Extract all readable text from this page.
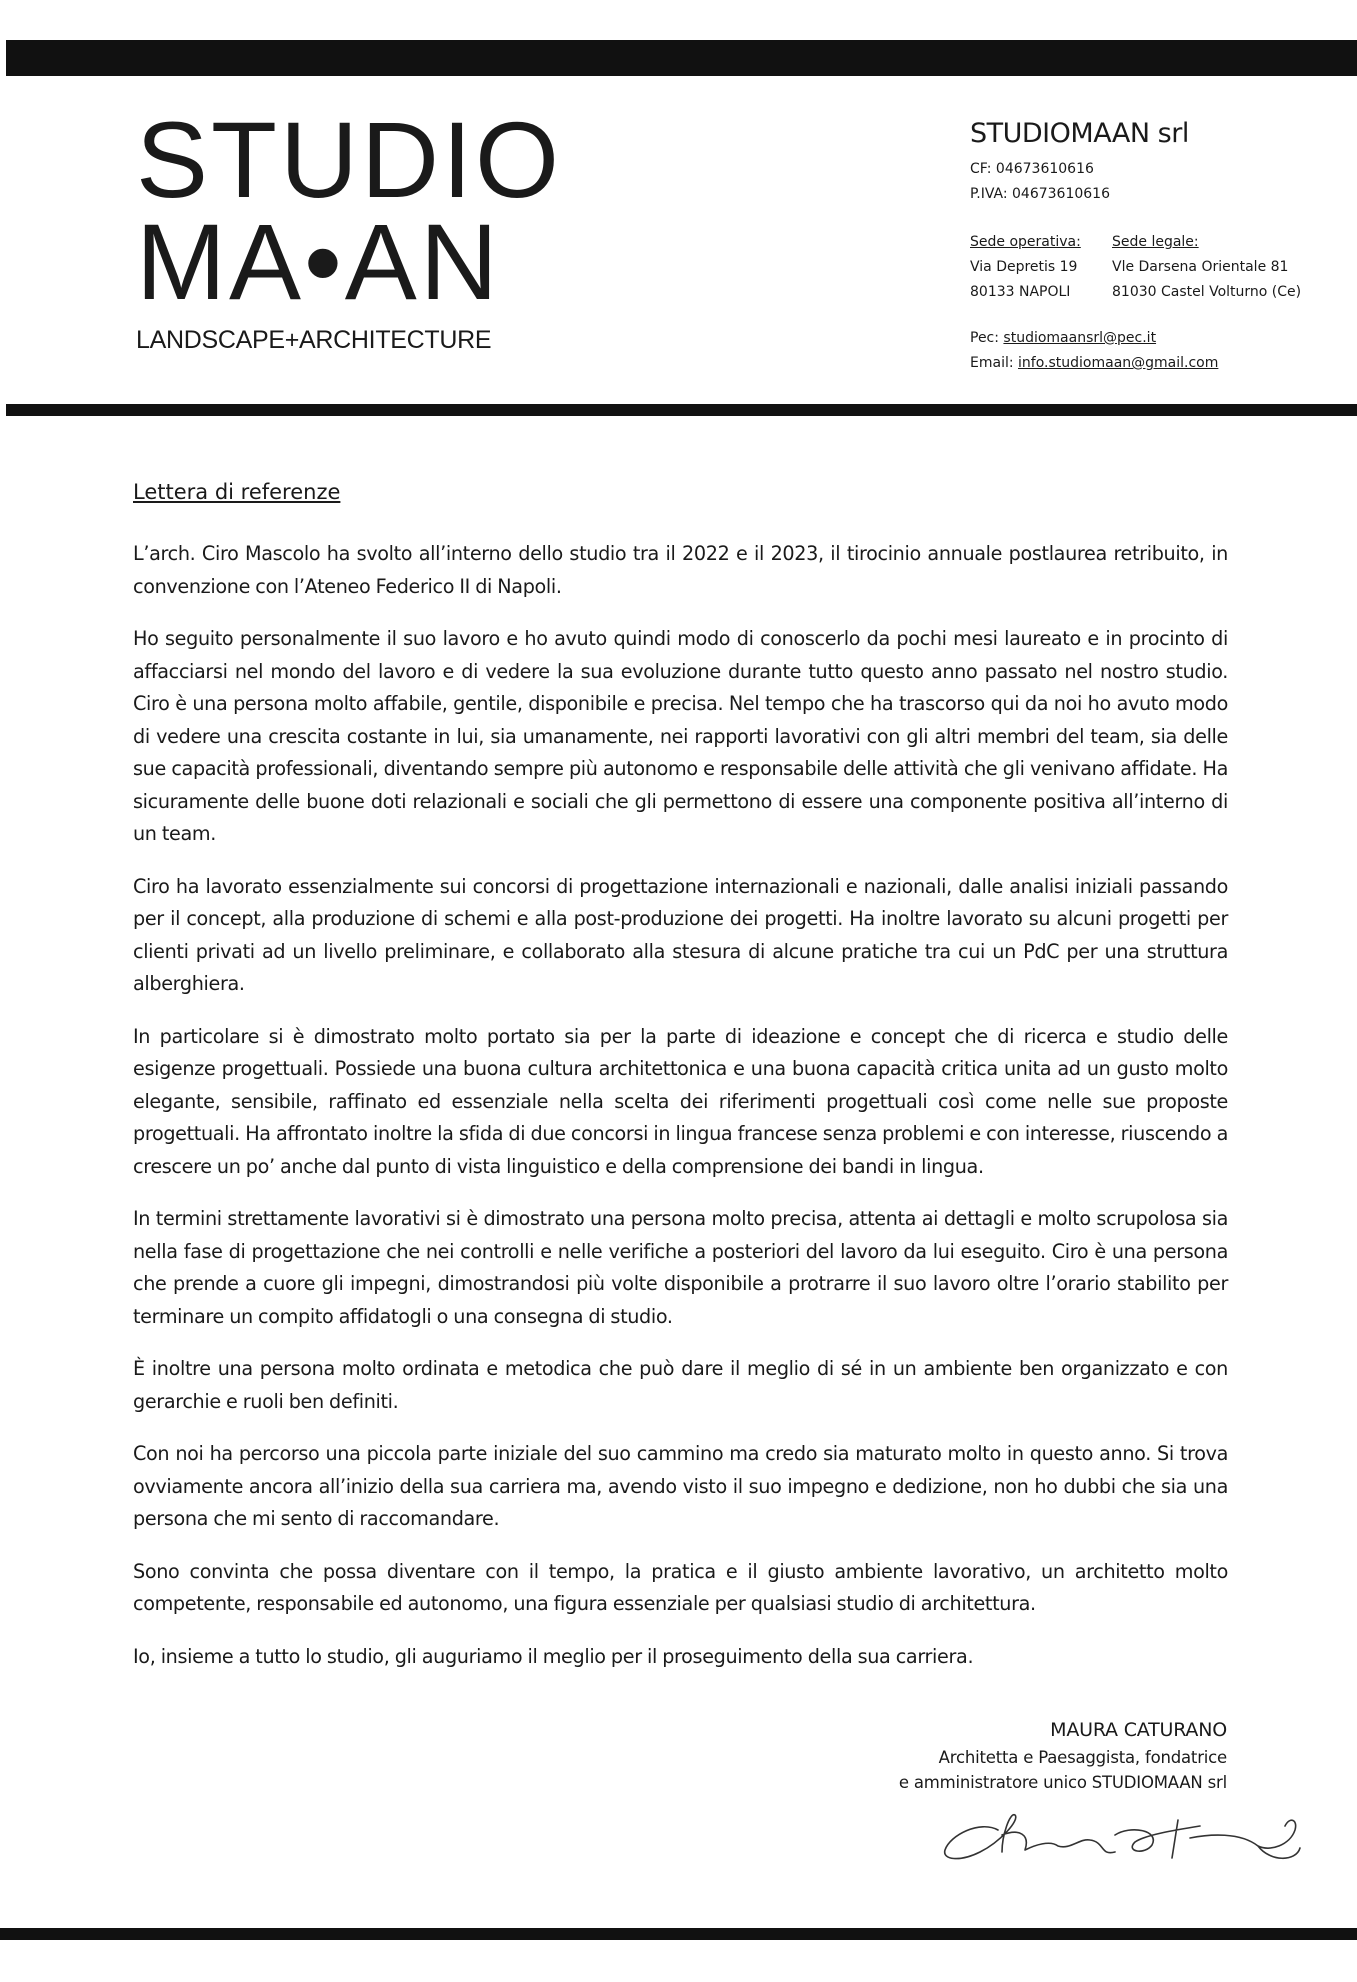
STUDIO
MA•AN
LANDSCAPE+ARCHITECTURE
STUDIOMAAN srl
CF: 04673610616
P.IVA: 04673610616
Sede operativa:
Via Depretis 19
80133 NAPOLI
Sede legale:
Vle Darsena Orientale 81
81030 Castel Volturno (Ce)
Pec: studiomaansrl@pec.it
Email: info.studiomaan@gmail.com
Lettera di referenze

L’arch. Ciro Mascolo ha svolto all’interno dello studio tra il 2022 e il 2023, il tirocinio annuale postlaurea retribuito, in convenzione con l’Ateneo Federico II di Napoli.

Ho seguito personalmente il suo lavoro e ho avuto quindi modo di conoscerlo da pochi mesi laureato e in procinto di affacciarsi nel mondo del lavoro e di vedere la sua evoluzione durante tutto questo anno passato nel nostro studio. Ciro è una persona molto affabile, gentile, disponibile e precisa. Nel tempo che ha trascorso qui da noi ho avuto modo di vedere una crescita costante in lui, sia umanamente, nei rapporti lavorativi con gli altri membri del team, sia delle sue capacità professionali, diventando sempre più autonomo e responsabile delle attività che gli venivano affidate. Ha sicuramente delle buone doti relazionali e sociali che gli permettono di essere una componente positiva all’interno di un team.

Ciro ha lavorato essenzialmente sui concorsi di progettazione internazionali e nazionali, dalle analisi iniziali passando per il concept, alla produzione di schemi e alla post-produzione dei progetti. Ha inoltre lavorato su alcuni progetti per clienti privati ad un livello preliminare, e collaborato alla stesura di alcune pratiche tra cui un PdC per una struttura alberghiera.

In particolare si è dimostrato molto portato sia per la parte di ideazione e concept che di ricerca e studio delle esigenze progettuali. Possiede una buona cultura architettonica e una buona capacità critica unita ad un gusto molto elegante, sensibile, raffinato ed essenziale nella scelta dei riferimenti progettuali così come nelle sue proposte progettuali. Ha affrontato inoltre la sfida di due concorsi in lingua francese senza problemi e con interesse, riuscendo a crescere un po’ anche dal punto di vista linguistico e della comprensione dei bandi in lingua.

In termini strettamente lavorativi si è dimostrato una persona molto precisa, attenta ai dettagli e molto scrupolosa sia nella fase di progettazione che nei controlli e nelle verifiche a posteriori del lavoro da lui eseguito. Ciro è una persona che prende a cuore gli impegni, dimostrandosi più volte disponibile a protrarre il suo lavoro oltre l’orario stabilito per terminare un compito affidatogli o una consegna di studio.

È inoltre una persona molto ordinata e metodica che può dare il meglio di sé in un ambiente ben organizzato e con gerarchie e ruoli ben definiti.

Con noi ha percorso una piccola parte iniziale del suo cammino ma credo sia maturato molto in questo anno. Si trova ovviamente ancora all’inizio della sua carriera ma, avendo visto il suo impegno e dedizione, non ho dubbi che sia una persona che mi sento di raccomandare.

Sono convinta che possa diventare con il tempo, la pratica e il giusto ambiente lavorativo, un architetto molto competente, responsabile ed autonomo, una figura essenziale per qualsiasi studio di architettura.

Io, insieme a tutto lo studio, gli auguriamo il meglio per il proseguimento della sua carriera.

MAURA CATURANO
Architetta e Paesaggista, fondatrice
e amministratore unico STUDIOMAAN srl
